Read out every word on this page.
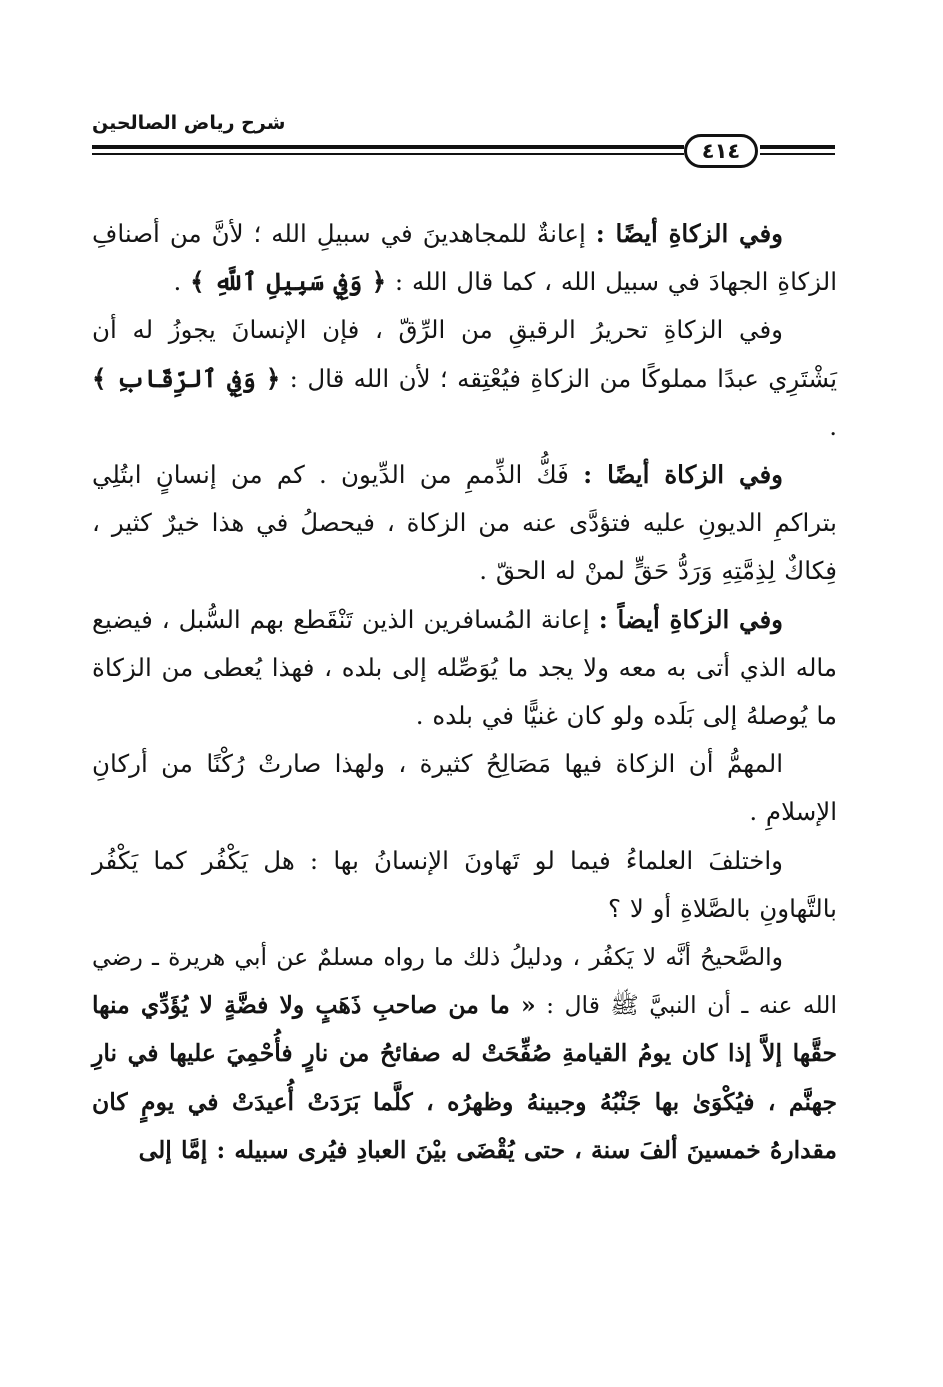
شرح رياض الصالحين
٤١٤

وفي الزكاةِ أيضًا : إعانةٌ للمجاهدينَ في سبيلِ الله ؛ لأنَّ من أصنافِ الزكاةِ الجهادَ في سبيل الله ، كما قال الله : ﴿ وَفِي سَبِيلِ ٱللَّهِ ﴾ .

وفي الزكاةِ تحريرُ الرقيقِ من الرِّقّ ، فإن الإنسانَ يجوزُ له أن يَشْتَرِي عبدًا مملوكًا من الزكاةِ فيُعْتِقه ؛ لأن الله قال : ﴿ وَفِي ٱلرِّقَابِ ﴾ .

وفي الزكاة أيضًا : فَكُّ الذِّممِ من الدِّيون . كم من إنسانٍ ابتُلِي بتراكمِ الديونِ عليه فتؤدَّى عنه من الزكاة ، فيحصلُ في هذا خيرٌ كثير ، فِكاكٌ لِذِمَّتِهِ وَرَدُّ حَقٍّ لمنْ له الحقّ .

وفي الزكاةِ أيضاً : إعانة المُسافرين الذين تَنْقَطع بهم السُّبل ، فيضيع ماله الذي أتى به معه ولا يجد ما يُوَصِّله إلى بلده ، فهذا يُعطى من الزكاة ما يُوصلهُ إلى بَلَده ولو كان غنيًّا في بلده .

المهمُّ أن الزكاة فيها مَصَالِحُ كثيرة ، ولهذا صارتْ رُكْنًا من أركانِ الإسلامِ .

واختلفَ العلماءُ فيما لو تَهاونَ الإنسانُ بها : هل يَكْفُر كما يَكْفُر بالتَّهاونِ بالصَّلاةِ أو لا ؟

والصَّحيحُ أنَّه لا يَكفُر ، ودليلُ ذلك ما رواه مسلمٌ عن أبي هريرة ـ رضي الله عنه ـ أن النبيَّ ﷺ قال : « ما من صاحبِ ذَهَبٍ ولا فضَّةٍ لا يُؤَدِّي منها حقَّها إلاَّ إذا كان يومُ القيامةِ صُفِّحَتْ له صفائحُ من نارٍ فأُحْمِيَ عليها في نارِ جهنَّم ، فيُكْوَىٰ بها جَنْبُهُ وجبينهُ وظهرُه ، كلَّما بَرَدَتْ أُعيدَتْ في يومٍ كان مقدارهُ خمسينَ ألفَ سنة ، حتى يُقْضَى بيْنَ العبادِ فيُرى سبيله : إمَّا إلى
